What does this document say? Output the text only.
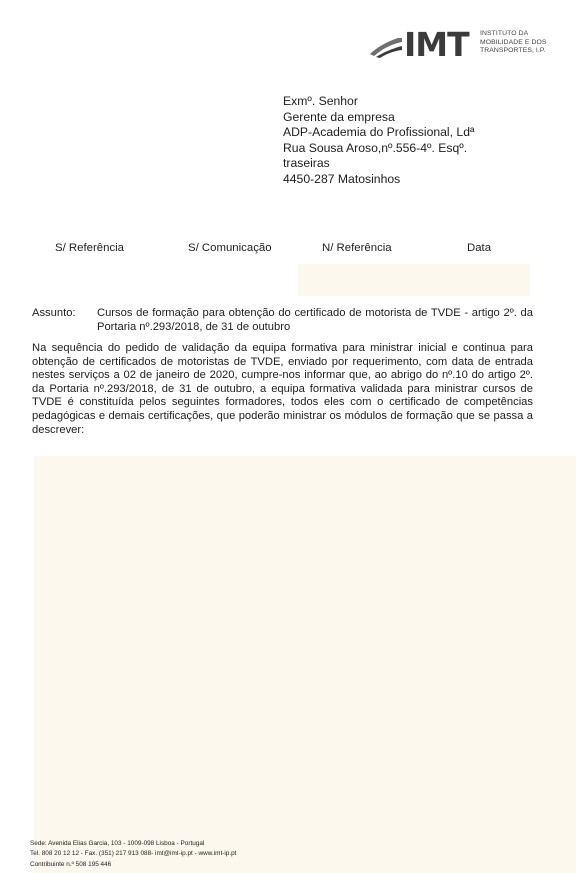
IMT INSTITUTO DA
MOBILIDADE E DOS
TRANSPORTES, I.P.
Exmº. Senhor
Gerente da empresa
ADP-Academia do Profissional, Ldª
Rua Sousa Aroso,nº.556-4º. Esqº.
traseiras
4450-287 Matosinhos
S/ Referência	S/ Comunicação	N/ Referência	Data
Assunto: Cursos de formação para obtenção do certificado de motorista de TVDE - artigo 2º. da Portaria nº.293/2018, de 31 de outubro
Na sequência do pedido de validação da equipa formativa para ministrar inicial e continua para obtenção de certificados de motoristas de TVDE, enviado por requerimento, com data de entrada nestes serviços a 02 de janeiro de 2020, cumpre-nos informar que, ao abrigo do nº.10 do artigo 2º. da Portaria nº.293/2018, de 31 de outubro, a equipa formativa validada para ministrar cursos de TVDE é constituída pelos seguintes formadores, todos eles com o certificado de competências pedagógicas e demais certificações, que poderão ministrar os módulos de formação que se passa a descrever:
Sede: Avenida Elias Garcia, 103 - 1009-098 Lisboa - Portugal
Tel. 808 20 12 12 - Fax. (351) 217 913 088- imt@imt-ip.pt - www.imt-ip.pt
Contribuinte n.º 508 195 446
